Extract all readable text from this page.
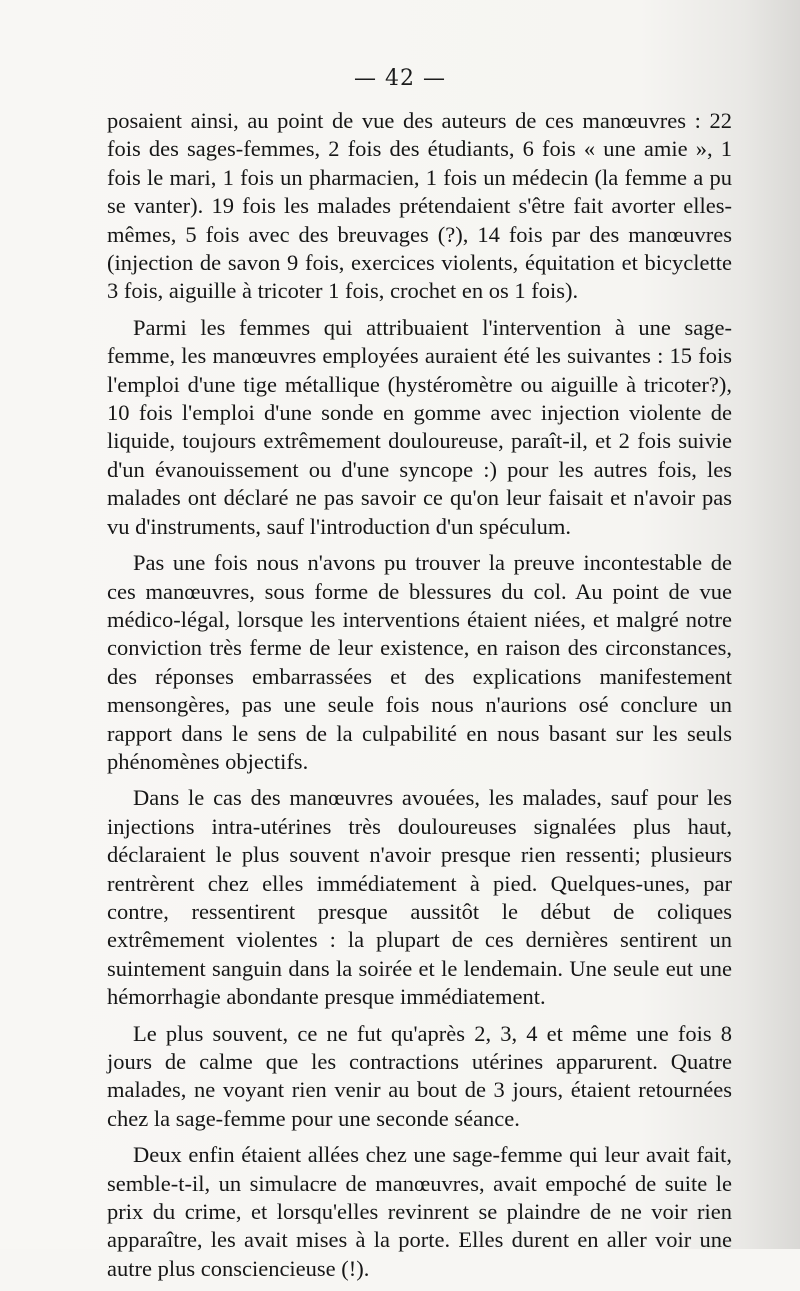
— 42 —

posaient ainsi, au point de vue des auteurs de ces manœuvres : 22 fois des sages-femmes, 2 fois des étudiants, 6 fois « une amie », 1 fois le mari, 1 fois un pharmacien, 1 fois un médecin (la femme a pu se vanter). 19 fois les malades prétendaient s'être fait avorter elles-mêmes, 5 fois avec des breuvages (?), 14 fois par des manœuvres (injection de savon 9 fois, exercices violents, équitation et bicyclette 3 fois, aiguille à tricoter 1 fois, crochet en os 1 fois).

Parmi les femmes qui attribuaient l'intervention à une sage-femme, les manœuvres employées auraient été les suivantes : 15 fois l'emploi d'une tige métallique (hystéromètre ou aiguille à tricoter?), 10 fois l'emploi d'une sonde en gomme avec injection violente de liquide, toujours extrêmement douloureuse, paraît-il, et 2 fois suivie d'un évanouissement ou d'une syncope :) pour les autres fois, les malades ont déclaré ne pas savoir ce qu'on leur faisait et n'avoir pas vu d'instruments, sauf l'introduction d'un spéculum.

Pas une fois nous n'avons pu trouver la preuve incontestable de ces manœuvres, sous forme de blessures du col. Au point de vue médico-légal, lorsque les interventions étaient niées, et malgré notre conviction très ferme de leur existence, en raison des circonstances, des réponses embarrassées et des explications manifestement mensongères, pas une seule fois nous n'aurions osé conclure un rapport dans le sens de la culpabilité en nous basant sur les seuls phénomènes objectifs.

Dans le cas des manœuvres avouées, les malades, sauf pour les injections intra-utérines très douloureuses signalées plus haut, déclaraient le plus souvent n'avoir presque rien ressenti; plusieurs rentrèrent chez elles immédiatement à pied. Quelques-unes, par contre, ressentirent presque aussitôt le début de coliques extrêmement violentes : la plupart de ces dernières sentirent un suintement sanguin dans la soirée et le lendemain. Une seule eut une hémorrhagie abondante presque immédiatement.

Le plus souvent, ce ne fut qu'après 2, 3, 4 et même une fois 8 jours de calme que les contractions utérines apparurent. Quatre malades, ne voyant rien venir au bout de 3 jours, étaient retournées chez la sage-femme pour une seconde séance.

Deux enfin étaient allées chez une sage-femme qui leur avait fait, semble-t-il, un simulacre de manœuvres, avait empoché de suite le prix du crime, et lorsqu'elles revinrent se plaindre de ne voir rien apparaître, les avait mises à la porte. Elles durent en aller voir une autre plus consciencieuse (!).
